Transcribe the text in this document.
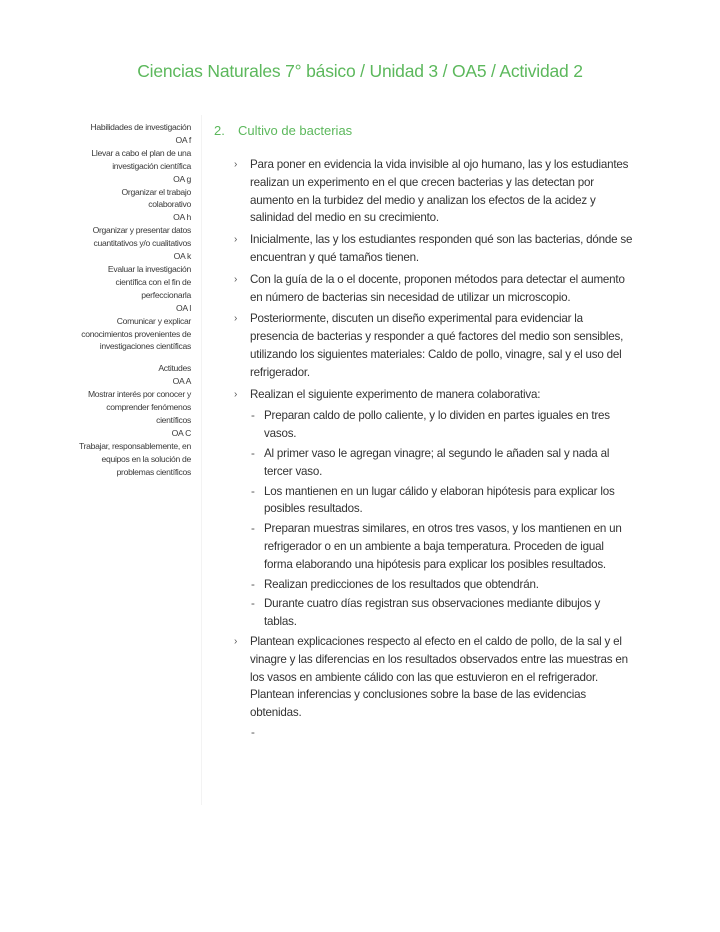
Ciencias Naturales 7° básico / Unidad 3 / OA5 / Actividad 2

Habilidades de investigación

OA f

Llevar a cabo el plan de una investigación científica

OA g

Organizar el trabajo colaborativo

OA h

Organizar y presentar datos cuantitativos y/o cualitativos

OA k

Evaluar la investigación científica con el fin de perfeccionarla

OA l

Comunicar y explicar conocimientos provenientes de investigaciones científicas

Actitudes

OA A

Mostrar interés por conocer y comprender fenómenos científicos

OA C

Trabajar, responsablemente, en equipos en la solución de problemas científicos

2. Cultivo de bacterias
› Para poner en evidencia la vida invisible al ojo humano, las y los estudiantes realizan un experimento en el que crecen bacterias y las detectan por aumento en la turbidez del medio y analizan los efectos de la acidez y salinidad del medio en su crecimiento.
› Inicialmente, las y los estudiantes responden qué son las bacterias, dónde se encuentran y qué tamaños tienen.
› Con la guía de la o el docente, proponen métodos para detectar el aumento en número de bacterias sin necesidad de utilizar un microscopio.
› Posteriormente, discuten un diseño experimental para evidenciar la presencia de bacterias y responder a qué factores del medio son sensibles, utilizando los siguientes materiales: Caldo de pollo, vinagre, sal y el uso del refrigerador.
› Realizan el siguiente experimento de manera colaborativa:
- Preparan caldo de pollo caliente, y lo dividen en partes iguales en tres vasos.
- Al primer vaso le agregan vinagre; al segundo le añaden sal y nada al tercer vaso.
- Los mantienen en un lugar cálido y elaboran hipótesis para explicar los posibles resultados.
- Preparan muestras similares, en otros tres vasos, y los mantienen en un refrigerador o en un ambiente a baja temperatura. Proceden de igual forma elaborando una hipótesis para explicar los posibles resultados.
- Realizan predicciones de los resultados que obtendrán.
- Durante cuatro días registran sus observaciones mediante dibujos y tablas.
› Plantean explicaciones respecto al efecto en el caldo de pollo, de la sal y el vinagre y las diferencias en los resultados observados entre las muestras en los vasos en ambiente cálido con las que estuvieron en el refrigerador. Plantean inferencias y conclusiones sobre la base de las evidencias obtenidas.
-
